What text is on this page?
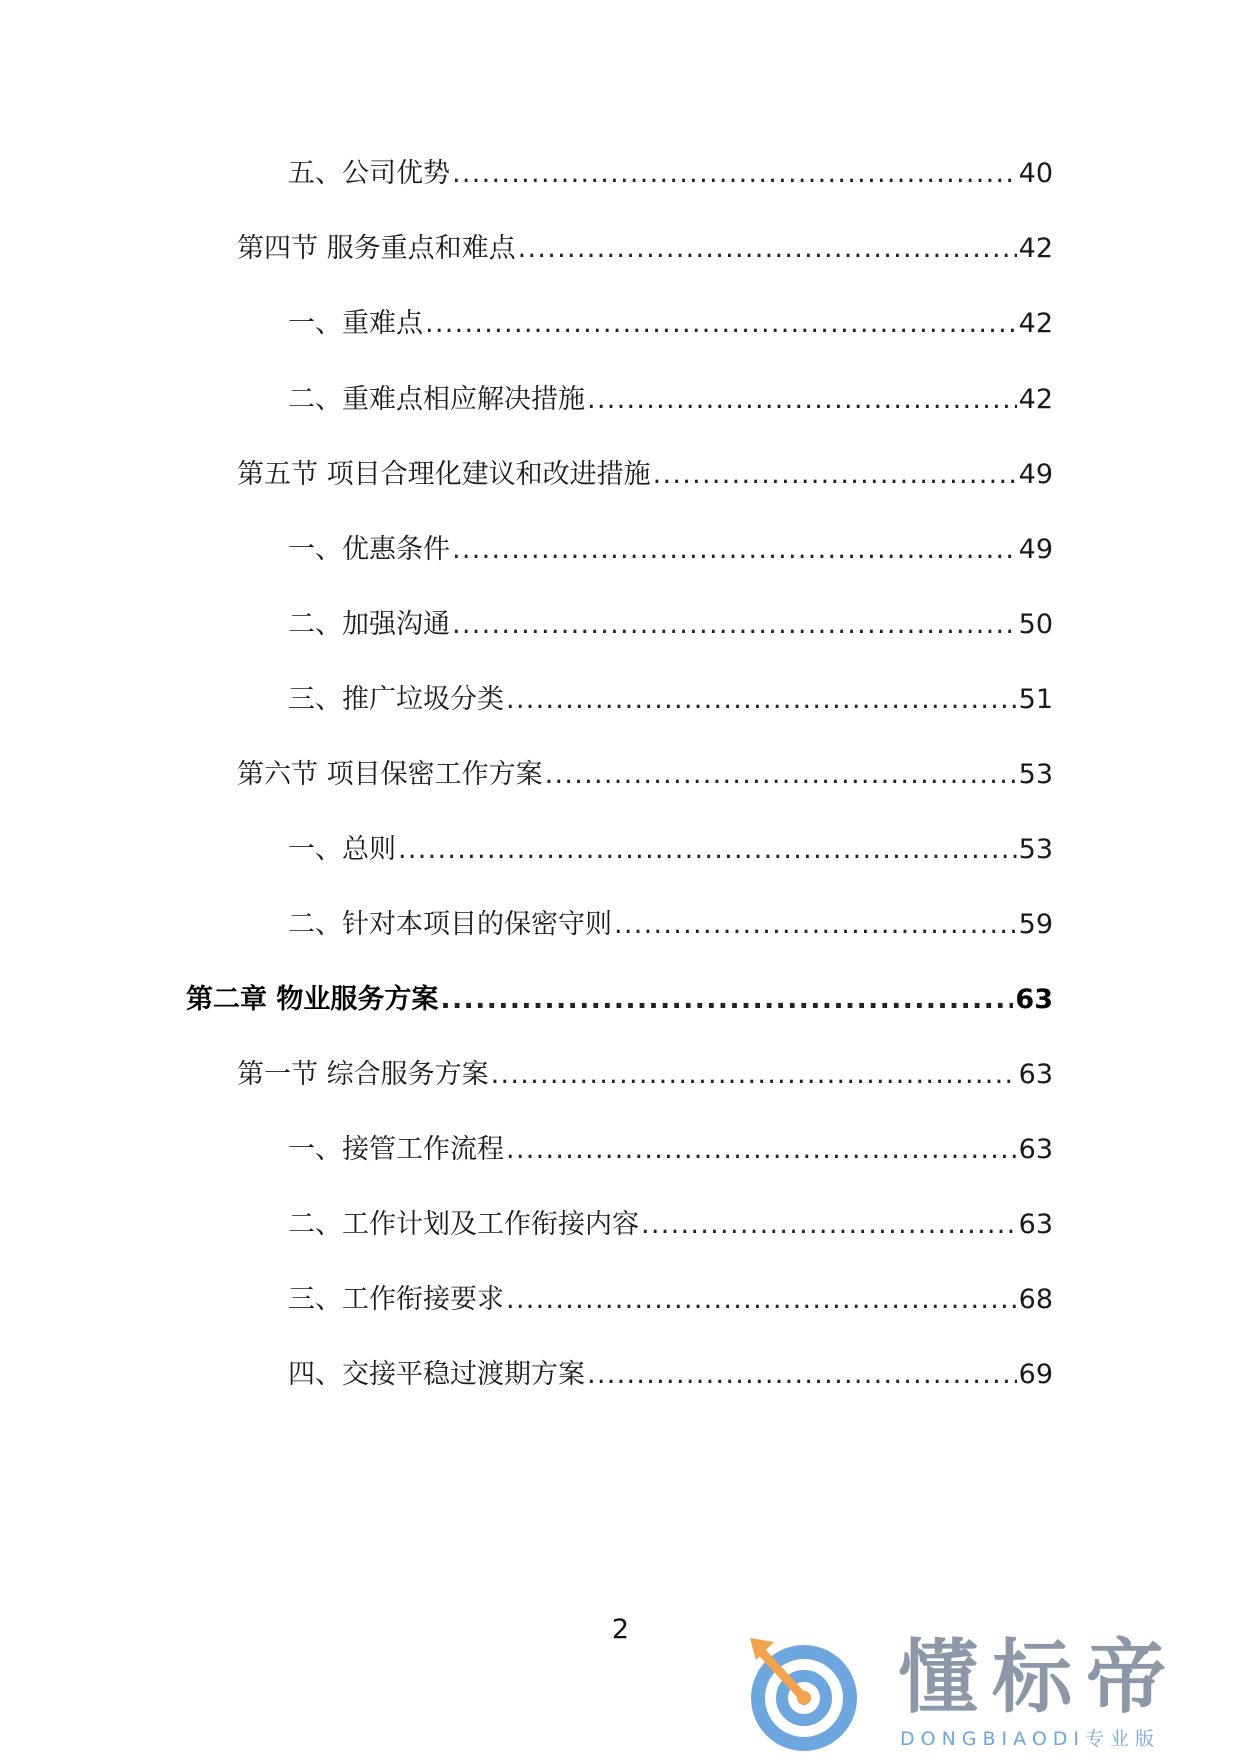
五、公司优势 .....	40
第四节 服务重点和难点 .....	42
一、重难点 .....	42
二、重难点相应解决措施 .....	42
第五节 项目合理化建议和改进措施 .....	49
一、优惠条件 .....	49
二、加强沟通 .....	50
三、推广垃圾分类 .....	51
第六节 项目保密工作方案 .....	53
一、总则 .....	53
二、针对本项目的保密守则 .....	59
第二章 物业服务方案 .....	63
第一节 综合服务方案 .....	63
一、接管工作流程 .....	63
二、工作计划及工作衔接内容 .....	63
三、工作衔接要求 .....	68
四、交接平稳过渡期方案 .....	69
2
懂标帝
DONGBIAODI专业版
